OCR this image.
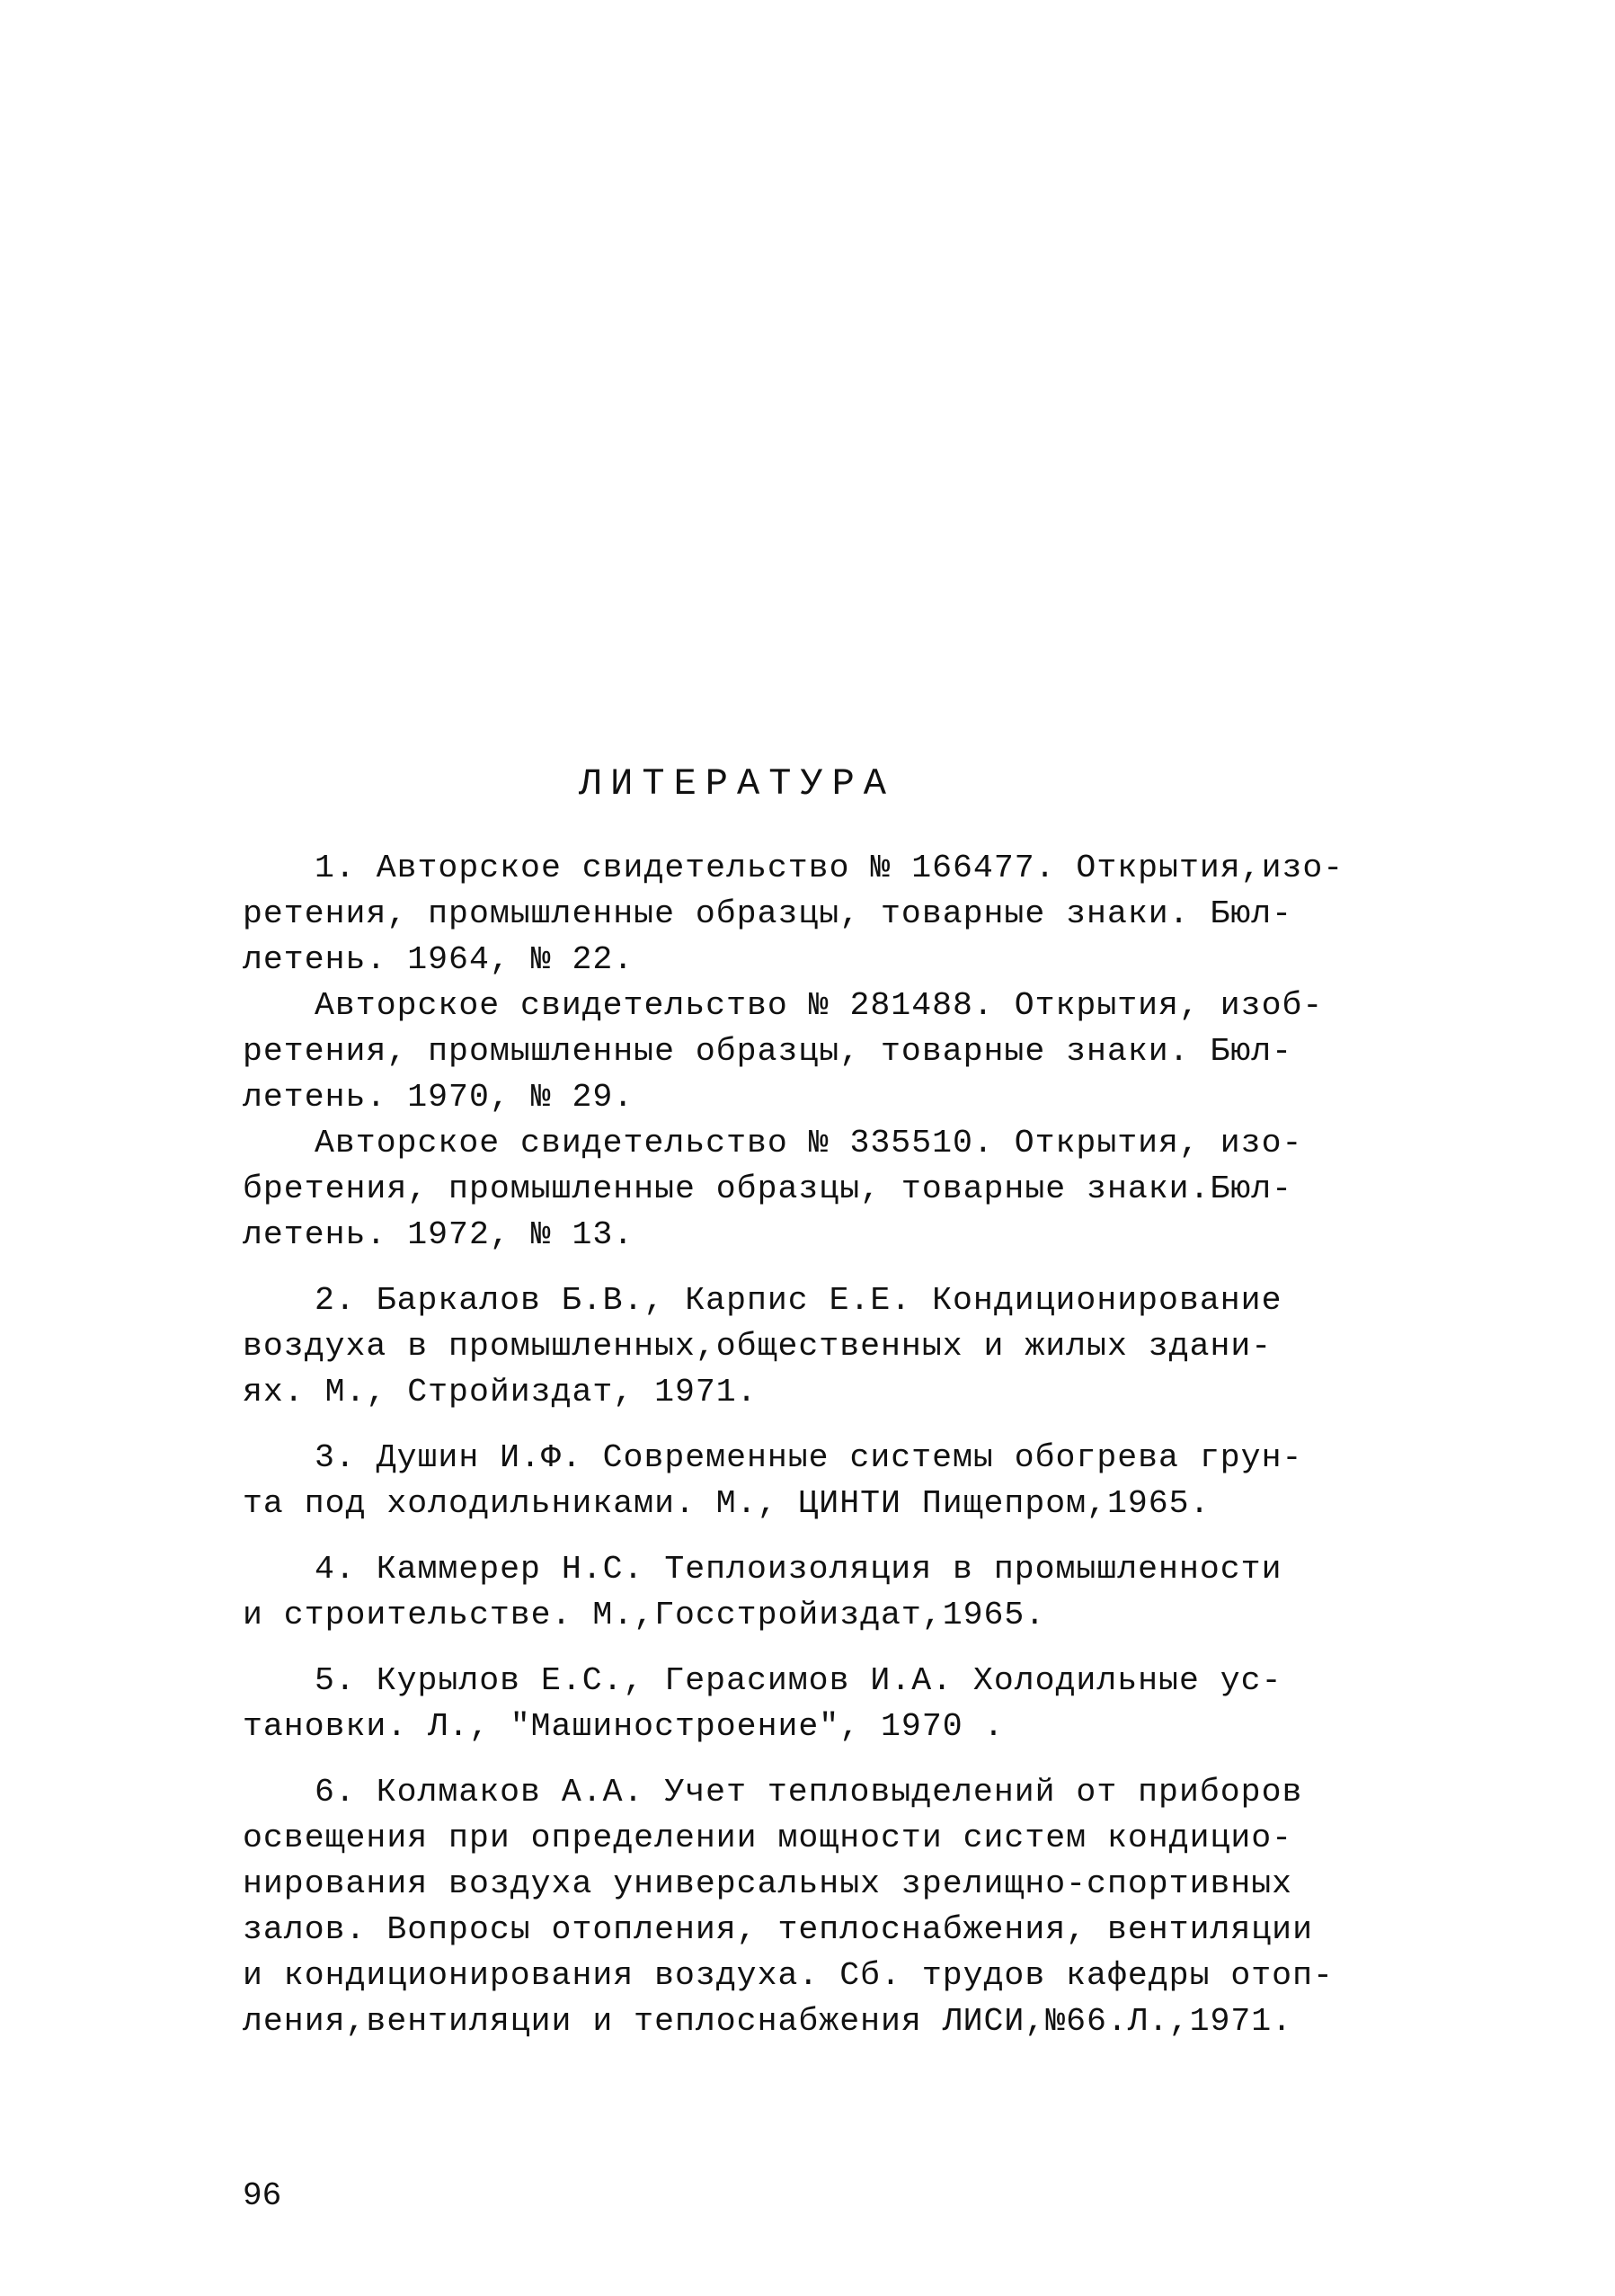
ЛИТЕРАТУРА
1. Авторское свидетельство № 166477. Открытия,изо-
ретения, промышленные образцы, товарные знаки. Бюл-
летень. 1964, № 22.
Авторское свидетельство № 281488. Открытия, изоб-
ретения, промышленные образцы, товарные знаки. Бюл-
летень. 1970, № 29.
Авторское свидетельство № 335510. Открытия, изо-
бретения, промышленные образцы, товарные знаки.Бюл-
летень. 1972, № 13.
2. Баркалов Б.В., Карпис Е.Е. Кондиционирование
воздуха в промышленных,общественных и жилых здани-
ях. М., Стройиздат, 1971.
3. Душин И.Ф. Современные системы обогрева грун-
та под холодильниками. М., ЦИНТИ Пищепром,1965.
4. Каммерер Н.С. Теплоизоляция в промышленности
и строительстве. М.,Госстройиздат,1965.
5. Курылов Е.С., Герасимов И.А. Холодильные ус-
тановки. Л., "Машиностроение", 1970 .
6. Колмаков А.А. Учет тепловыделений от приборов
освещения при определении мощности систем кондицио-
нирования воздуха универсальных зрелищно-спортивных
залов. Вопросы отопления, теплоснабжения, вентиляции
и кондиционирования воздуха. Сб. трудов кафедры отоп-
ления,вентиляции и теплоснабжения ЛИСИ,№66.Л.,1971.

96
